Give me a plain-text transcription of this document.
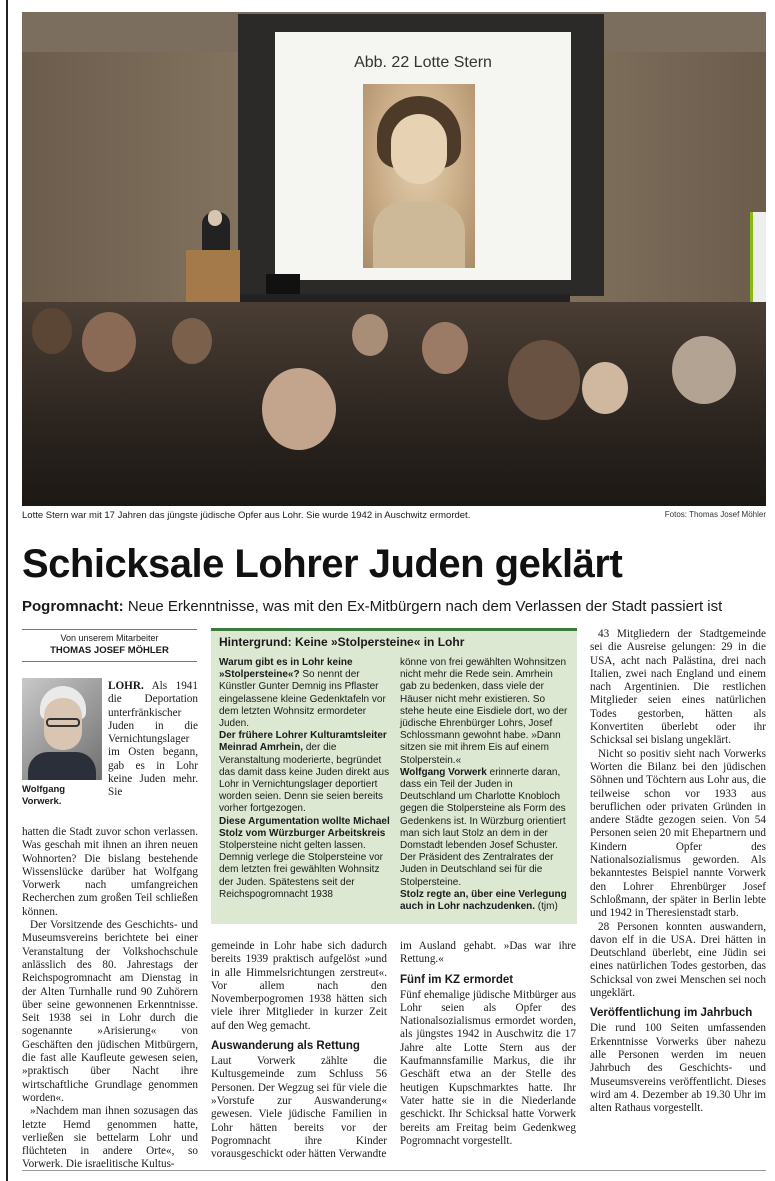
Abb. 22 Lotte Stern
Lotte Stern war mit 17 Jahren das jüngste jüdische Opfer aus Lohr. Sie wurde 1942 in Auschwitz ermordet.	Fotos: Thomas Josef Möhler
Schicksale Lohrer Juden geklärt
Pogromnacht: Neue Erkenntnisse, was mit den Ex-Mitbürgern nach dem Verlassen der Stadt passiert ist
Von unserem Mitarbeiter
THOMAS JOSEF MÖHLER
Wolfgang Vorwerk.

LOHR. Als 1941 die Deportation unterfränkischer Juden in die Vernichtungslager im Osten begann, gab es in Lohr keine Juden mehr. Sie

hatten die Stadt zuvor schon verlassen. Was geschah mit ihnen an ihren neuen Wohnorten? Die bislang bestehende Wissenslücke darüber hat Wolfgang Vorwerk nach umfangreichen Recherchen zum großen Teil schließen können.

Der Vorsitzende des Geschichts- und Museumsvereins berichtete bei einer Veranstaltung der Volkshochschule anlässlich des 80. Jahrestags der Reichspogromnacht am Dienstag in der Alten Turnhalle rund 90 Zuhörern über seine gewonnenen Erkenntnisse. Seit 1938 sei in Lohr durch die sogenannte »Arisierung« von Geschäften den jüdischen Mitbürgern, die fast alle Kaufleute gewesen seien, »praktisch über Nacht ihre wirtschaftliche Grundlage genommen worden«.

»Nachdem man ihnen sozusagen das letzte Hemd genommen hatte, verließen sie bettelarm Lohr und flüchteten in andere Orte«, so Vorwerk. Die israelitische Kultus-

Hintergrund: Keine »Stolpersteine« in Lohr

Warum gibt es in Lohr keine »Stolpersteine«? So nennt der Künstler Gunter Demnig ins Pflaster eingelassene kleine Gedenktafeln vor dem letzten Wohnsitz ermordeter Juden.

Der frühere Lohrer Kulturamtsleiter Meinrad Amrhein, der die Veranstaltung moderierte, begründet das damit dass keine Juden direkt aus Lohr in Vernichtungslager deportiert worden seien. Denn sie seien bereits vorher fortgezogen.

Diese Argumentation wollte Michael Stolz vom Würzburger Arbeitskreis Stolpersteine nicht gelten lassen. Demnig verlege die Stolpersteine vor dem letzten frei gewählten Wohnsitz der Juden. Spätestens seit der Reichspogromnacht 1938

könne von frei gewählten Wohnsitzen nicht mehr die Rede sein. Amrhein gab zu bedenken, dass viele der Häuser nicht mehr existieren. So stehe heute eine Eisdiele dort, wo der jüdische Ehrenbürger Lohrs, Josef Schlossmann gewohnt habe. »Dann sitzen sie mit ihrem Eis auf einem Stolperstein.«

Wolfgang Vorwerk erinnerte daran, dass ein Teil der Juden in Deutschland um Charlotte Knobloch gegen die Stolpersteine als Form des Gedenkens ist. In Würzburg orientiert man sich laut Stolz an dem in der Domstadt lebenden Josef Schuster. Der Präsident des Zentralrates der Juden in Deutschland sei für die Stolpersteine.

Stolz regte an, über eine Verlegung auch in Lohr nachzudenken. (tjm)

gemeinde in Lohr habe sich dadurch bereits 1939 praktisch aufgelöst »und in alle Himmelsrichtungen zerstreut«. Vor allem nach den Novemberpogromen 1938 hätten sich viele ihrer Mitglieder in kurzer Zeit auf den Weg gemacht.

Auswanderung als Rettung

Laut Vorwerk zählte die Kultusgemeinde zum Schluss 56 Personen. Der Wegzug sei für viele die »Vorstufe zur Auswanderung« gewesen. Viele jüdische Familien in Lohr hätten bereits vor der Pogromnacht ihre Kinder vorausgeschickt oder hätten Verwandte

im Ausland gehabt. »Das war ihre Rettung.«

Fünf im KZ ermordet

Fünf ehemalige jüdische Mitbürger aus Lohr seien als Opfer des Nationalsozialismus ermordet worden, als jüngstes 1942 in Auschwitz die 17 Jahre alte Lotte Stern aus der Kaufmannsfamilie Markus, die ihr Geschäft etwa an der Stelle des heutigen Kupschmarktes hatte. Ihr Vater hatte sie in die Niederlande geschickt. Ihr Schicksal hatte Vorwerk bereits am Freitag beim Gedenkweg Pogromnacht vorgestellt.

43 Mitgliedern der Stadtgemeinde sei die Ausreise gelungen: 29 in die USA, acht nach Palästina, drei nach Italien, zwei nach England und einem nach Argentinien. Die restlichen Mitglieder seien eines natürlichen Todes gestorben, hätten als Konvertiten überlebt oder ihr Schicksal sei bislang ungeklärt.

Nicht so positiv sieht nach Vorwerks Worten die Bilanz bei den jüdischen Söhnen und Töchtern aus Lohr aus, die teilweise schon vor 1933 aus beruflichen oder privaten Gründen in andere Städte gezogen seien. Von 54 Personen seien 20 mit Ehepartnern und Kindern Opfer des Nationalsozialismus geworden. Als bekanntestes Beispiel nannte Vorwerk den Lohrer Ehrenbürger Josef Schloßmann, der später in Berlin lebte und 1942 in Theresienstadt starb.

28 Personen konnten auswandern, davon elf in die USA. Drei hätten in Deutschland überlebt, eine Jüdin sei eines natürlichen Todes gestorben, das Schicksal von zwei Menschen sei noch ungeklärt.

Veröffentlichung im Jahrbuch

Die rund 100 Seiten umfassenden Erkenntnisse Vorwerks über nahezu alle Personen werden im neuen Jahrbuch des Geschichts- und Museumsvereins veröffentlicht. Dieses wird am 4. Dezember ab 19.30 Uhr im alten Rathaus vorgestellt.
